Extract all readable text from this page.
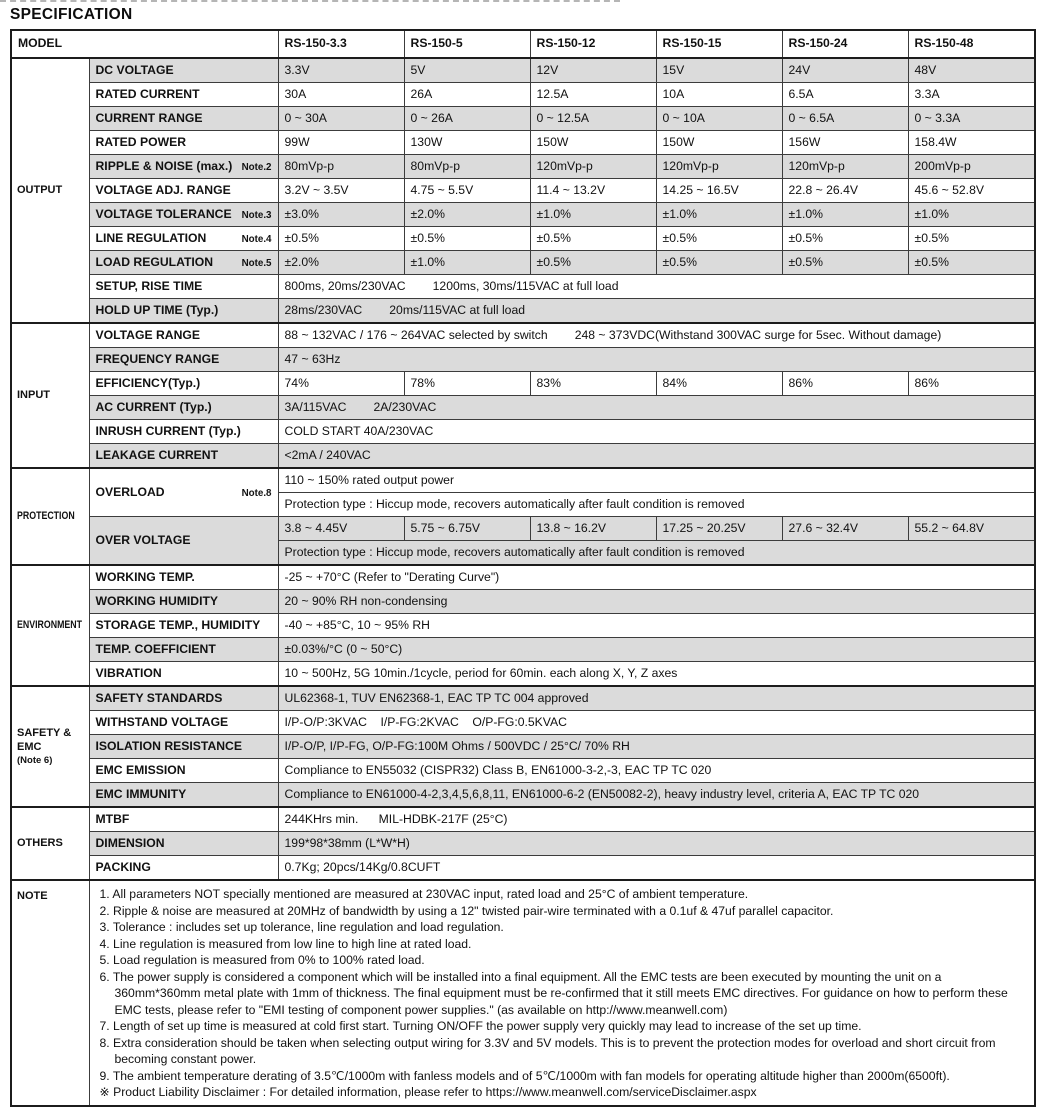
SPECIFICATION
MODEL		RS-150-3.3	RS-150-5	RS-150-12	RS-150-15	RS-150-24	RS-150-48
OUTPUT	DC VOLTAGE	3.3V	5V	12V	15V	24V	48V

	RATED CURRENT	30A	26A	12.5A	10A	6.5A	3.3A

	CURRENT RANGE	0 ~ 30A	0 ~ 26A	0 ~ 12.5A	0 ~ 10A	0 ~ 6.5A	0 ~ 3.3A

	RATED POWER	99W	130W	150W	150W	156W	158.4W

	RIPPLE & NOISE (max.) Note.2	80mVp-p	80mVp-p	120mVp-p	120mVp-p	120mVp-p	200mVp-p

	VOLTAGE ADJ. RANGE	3.2V ~ 3.5V	4.75 ~ 5.5V	11.4 ~ 13.2V	14.25 ~ 16.5V	22.8 ~ 26.4V	45.6 ~ 52.8V

	VOLTAGE TOLERANCE Note.3	±3.0%	±2.0%	±1.0%	±1.0%	±1.0%	±1.0%

	LINE REGULATION Note.4	±0.5%	±0.5%	±0.5%	±0.5%	±0.5%	±0.5%

	LOAD REGULATION Note.5	±2.0%	±1.0%	±0.5%	±0.5%	±0.5%	±0.5%

	SETUP, RISE TIME	800ms, 20ms/230VAC        1200ms, 30ms/115VAC at full load					

	HOLD UP TIME (Typ.)	28ms/230VAC        20ms/115VAC at full load					
INPUT	VOLTAGE RANGE	88 ~ 132VAC / 176 ~ 264VAC selected by switch        248 ~ 373VDC(Withstand 300VAC surge for 5sec. Without damage)					

	FREQUENCY RANGE	47 ~ 63Hz					

	EFFICIENCY(Typ.)	74%	78%	83%	84%	86%	86%

	AC CURRENT (Typ.)	3A/115VAC        2A/230VAC					

	INRUSH CURRENT (Typ.)	COLD START 40A/230VAC					

	LEAKAGE CURRENT	<2mA / 240VAC					
PROTECTION	OVERLOAD Note.8	110 ~ 150% rated output power					
		Protection type : Hiccup mode, recovers automatically after fault condition is removed					

	OVER VOLTAGE	3.8 ~ 4.45V	5.75 ~ 6.75V	13.8 ~ 16.2V	17.25 ~ 20.25V	27.6 ~ 32.4V	55.2 ~ 64.8V
		Protection type : Hiccup mode, recovers automatically after fault condition is removed					
ENVIRONMENT	WORKING TEMP.	-25 ~ +70°C (Refer to "Derating Curve")					

	WORKING HUMIDITY	20 ~ 90% RH non-condensing					

	STORAGE TEMP., HUMIDITY	-40 ~ +85°C, 10 ~ 95% RH					

	TEMP. COEFFICIENT	±0.03%/°C (0 ~ 50°C)					

	VIBRATION	10 ~ 500Hz, 5G 10min./1cycle, period for 60min. each along X, Y, Z axes					

SAFETY &
EMC
(Note 6)	SAFETY STANDARDS	UL62368-1, TUV EN62368-1, EAC TP TC 004 approved					

	WITHSTAND VOLTAGE	I/P-O/P:3KVAC    I/P-FG:2KVAC    O/P-FG:0.5KVAC					

	ISOLATION RESISTANCE	I/P-O/P, I/P-FG, O/P-FG:100M Ohms / 500VDC / 25°C/ 70% RH					

	EMC EMISSION	Compliance to EN55032 (CISPR32) Class B, EN61000-3-2,-3, EAC TP TC 020					

	EMC IMMUNITY	Compliance to EN61000-4-2,3,4,5,6,8,11, EN61000-6-2 (EN50082-2), heavy industry level, criteria A, EAC TP TC 020					
OTHERS	MTBF	244KHrs min.      MIL-HDBK-217F (25°C)					

	DIMENSION	199*98*38mm (L*W*H)					

	PACKING	0.7Kg; 20pcs/14Kg/0.8CUFT					
NOTE	1. All parameters NOT specially mentioned are measured at 230VAC input, rated load and 25°C of ambient temperature.
2. Ripple & noise are measured at 20MHz of bandwidth by using a 12" twisted pair-wire terminated with a 0.1uf & 47uf parallel capacitor.
3. Tolerance : includes set up tolerance, line regulation and load regulation.
4. Line regulation is measured from low line to high line at rated load.
5. Load regulation is measured from 0% to 100% rated load.
6. The power supply is considered a component which will be installed into a final equipment. All the EMC tests are been executed by mounting the unit on a 360mm*360mm metal plate with 1mm of thickness. The final equipment must be re-confirmed that it still meets EMC directives. For guidance on how to perform these EMC tests, please refer to "EMI testing of component power supplies." (as available on http://www.meanwell.com)
7. Length of set up time is measured at cold first start. Turning ON/OFF the power supply very quickly may lead to increase of the set up time.
8. Extra consideration should be taken when selecting output wiring for 3.3V and 5V models. This is to prevent the protection modes for overload and short circuit from becoming constant power.
9. The ambient temperature derating of 3.5℃/1000m with fanless models and of 5℃/1000m with fan models for operating altitude higher than 2000m(6500ft).
※ Product Liability Disclaimer : For detailed information, please refer to https://www.meanwell.com/serviceDisclaimer.aspx
